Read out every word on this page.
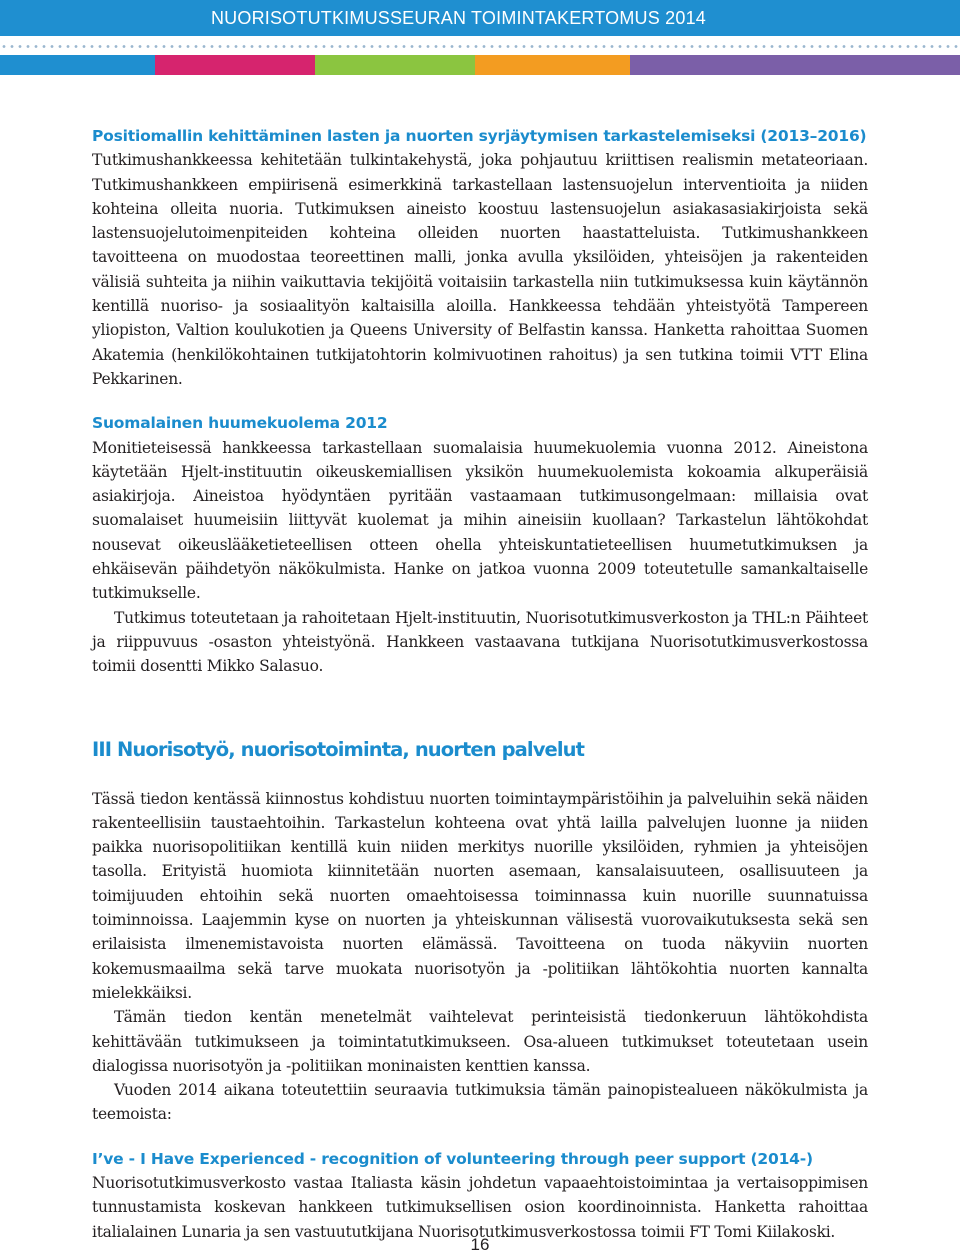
NUORISOTUTKIMUSSEURAN TOIMINTAKERTOMUS 2014
Positiomallin kehittäminen lasten ja nuorten syrjäytymisen tarkastelemiseksi (2013–2016)

Tutkimushankkeessa kehitetään tulkintakehystä, joka pohjautuu kriittisen realismin metateoriaan. Tutkimushankkeen empiirisenä esimerkkinä tarkastellaan lastensuojelun interventioita ja niiden kohteina olleita nuoria. Tutkimuksen aineisto koostuu lastensuojelun asiakasasiakirjoista sekä lastensuojelutoimenpiteiden kohteina olleiden nuorten haastatteluista. Tutkimushankkeen tavoitteena on muodostaa teoreettinen malli, jonka avulla yksilöiden, yhteisöjen ja rakenteiden välisiä suhteita ja niihin vaikuttavia tekijöitä voitaisiin tarkastella niin tutkimuksessa kuin käytännön kentillä nuoriso- ja sosiaalityön kaltaisilla aloilla. Hankkeessa tehdään yhteistyötä Tampereen yliopiston, Valtion koulukotien ja Queens University of Belfastin kanssa. Hanketta rahoittaa Suomen Akatemia (henkilökohtainen tutkijatohtorin kolmivuotinen rahoitus) ja sen tutkina toimii VTT Elina Pekkarinen.

Suomalainen huumekuolema 2012

Monitieteisessä hankkeessa tarkastellaan suomalaisia huumekuolemia vuonna 2012. Aineistona käytetään Hjelt-instituutin oikeuskemiallisen yksikön huumekuolemista kokoamia alkuperäisiä asiakirjoja. Aineistoa hyödyntäen pyritään vastaamaan tutkimusongelmaan: millaisia ovat suomalaiset huumeisiin liittyvät kuolemat ja mihin aineisiin kuollaan? Tarkastelun lähtökohdat nousevat oikeuslääketieteellisen otteen ohella yhteiskuntatieteellisen huumetutkimuksen ja ehkäisevän päihdetyön näkökulmista. Hanke on jatkoa vuonna 2009 toteutetulle samankaltaiselle tutkimukselle.

Tutkimus toteutetaan ja rahoitetaan Hjelt-instituutin, Nuorisotutkimusverkoston ja THL:n Päihteet ja riippuvuus -osaston yhteistyönä. Hankkeen vastaavana tutkijana Nuorisotutkimusverkostossa toimii dosentti Mikko Salasuo.

III Nuorisotyö, nuorisotoiminta, nuorten palvelut

Tässä tiedon kentässä kiinnostus kohdistuu nuorten toimintaympäristöihin ja palveluihin sekä näiden rakenteellisiin taustaehtoihin. Tarkastelun kohteena ovat yhtä lailla palvelujen luonne ja niiden paikka nuorisopolitiikan kentillä kuin niiden merkitys nuorille yksilöiden, ryhmien ja yhteisöjen tasolla. Erityistä huomiota kiinnitetään nuorten asemaan, kansalaisuuteen, osallisuuteen ja toimijuuden ehtoihin sekä nuorten omaehtoisessa toiminnassa kuin nuorille suunnatuissa toiminnoissa. Laajemmin kyse on nuorten ja yhteiskunnan välisestä vuorovaikutuksesta sekä sen erilaisista ilmenemistavoista nuorten elämässä. Tavoitteena on tuoda näkyviin nuorten kokemusmaailma sekä tarve muokata nuorisotyön ja -politiikan lähtökohtia nuorten kannalta mielekkäiksi.

Tämän tiedon kentän menetelmät vaihtelevat perinteisistä tiedonkeruun lähtökohdista kehittävään tutkimukseen ja toimintatutkimukseen. Osa-alueen tutkimukset toteutetaan usein dialogissa nuorisotyön ja -politiikan moninaisten kenttien kanssa.

Vuoden 2014 aikana toteutettiin seuraavia tutkimuksia tämän painopistealueen näkökulmista ja teemoista:

I’ve - I Have Experienced - recognition of volunteering through peer support (2014-)

Nuorisotutkimusverkosto vastaa Italiasta käsin johdetun vapaaehtoistoimintaa ja vertaisoppimisen tunnustamista koskevan hankkeen tutkimuksellisen osion koordinoinnista. Hanketta rahoittaa italialainen Lunaria ja sen vastuututkijana Nuorisotutkimusverkostossa toimii FT Tomi Kiilakoski.

16
